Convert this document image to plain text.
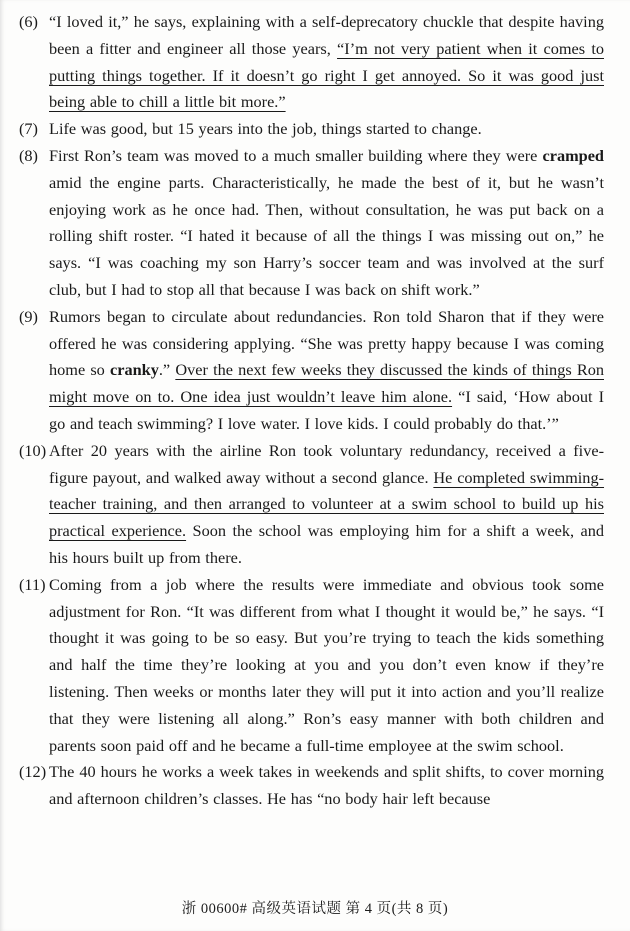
(6) “I loved it,” he says, explaining with a self-deprecatory chuckle that despite having been a fitter and engineer all those years, “I’m not very patient when it comes to putting things together. If it doesn’t go right I get annoyed. So it was good just being able to chill a little bit more.”
(7) Life was good, but 15 years into the job, things started to change.
(8) First Ron’s team was moved to a much smaller building where they were cramped amid the engine parts. Characteristically, he made the best of it, but he wasn’t enjoying work as he once had. Then, without consultation, he was put back on a rolling shift roster. “I hated it because of all the things I was missing out on,” he says. “I was coaching my son Harry’s soccer team and was involved at the surf club, but I had to stop all that because I was back on shift work.”
(9) Rumors began to circulate about redundancies. Ron told Sharon that if they were offered he was considering applying. “She was pretty happy because I was coming home so cranky.” Over the next few weeks they discussed the kinds of things Ron might move on to. One idea just wouldn’t leave him alone. “I said, ‘How about I go and teach swimming? I love water. I love kids. I could probably do that.’”
(10) After 20 years with the airline Ron took voluntary redundancy, received a five-figure payout, and walked away without a second glance. He completed swimming-teacher training, and then arranged to volunteer at a swim school to build up his practical experience. Soon the school was employing him for a shift a week, and his hours built up from there.
(11) Coming from a job where the results were immediate and obvious took some adjustment for Ron. “It was different from what I thought it would be,” he says. “I thought it was going to be so easy. But you’re trying to teach the kids something and half the time they’re looking at you and you don’t even know if they’re listening. Then weeks or months later they will put it into action and you’ll realize that they were listening all along.” Ron’s easy manner with both children and parents soon paid off and he became a full-time employee at the swim school.
(12) The 40 hours he works a week takes in weekends and split shifts, to cover morning and afternoon children’s classes. He has “no body hair left because
浙 00600# 高级英语试题 第 4 页(共 8 页)
